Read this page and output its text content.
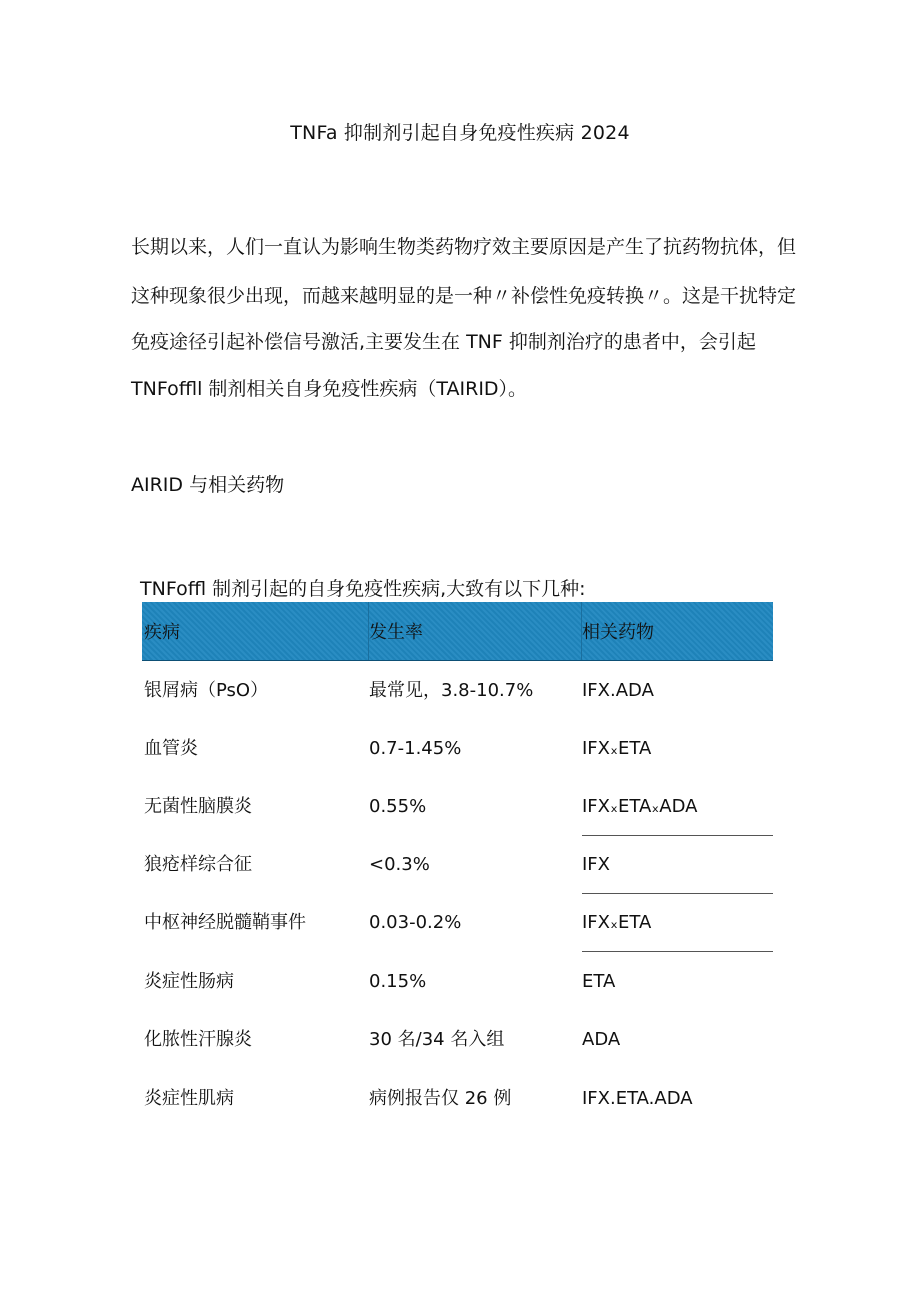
TNFa 抑制剂引起自身免疫性疾病 2024
长期以来，人们一直认为影响生物类药物疗效主要原因是产生了抗药物抗体，但
这种现象很少出现，而越来越明显的是一种〃补偿性免疫转换〃。这是干扰特定
免疫途径引起补偿信号激活,主要发生在 TNF 抑制剂治疗的患者中，会引起
TNFoffll 制剂相关自身免疫性疾病（TAIRID）。
AIRID 与相关药物
TNFoffl 制剂引起的自身免疫性疾病,大致有以下几种:
疾病	发生率	相关药物
银屑病（PsO）	最常见，3.8-10.7%	IFX.ADA
血管炎	0.7-1.45%	IFXₓETA
无菌性脑膜炎	0.55%	IFXₓETAₓADA
狼疮样综合征	<0.3%	IFX
中枢神经脱髓鞘事件	0.03-0.2%	IFXₓETA
炎症性肠病	0.15%	ETA
化脓性汗腺炎	30 名/34 名入组	ADA
炎症性肌病	病例报告仅 26 例	IFX.ETA.ADA
